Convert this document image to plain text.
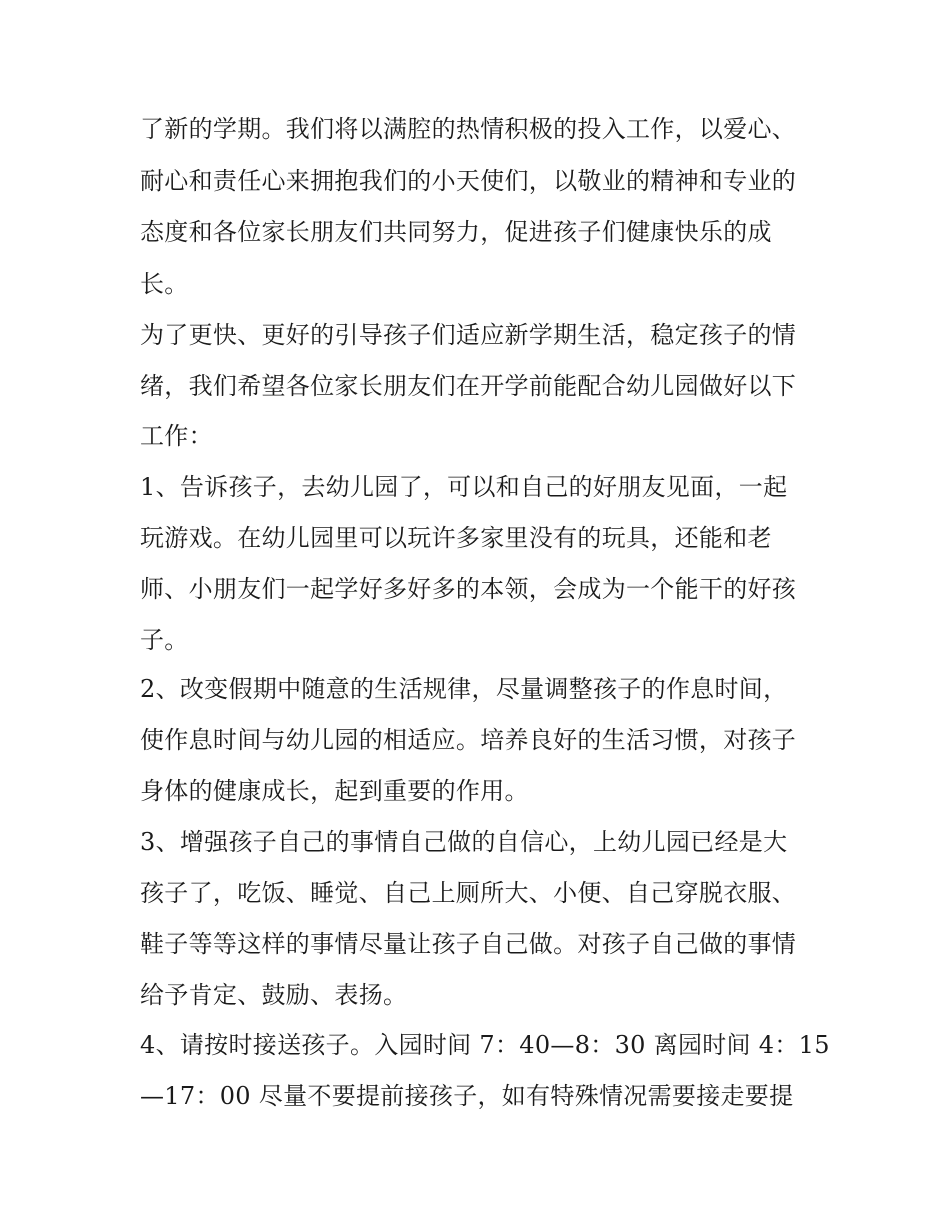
了新的学期。我们将以满腔的热情积极的投入工作，以爱心、
耐心和责任心来拥抱我们的小天使们，以敬业的精神和专业的
态度和各位家长朋友们共同努力，促进孩子们健康快乐的成
长。
为了更快、更好的引导孩子们适应新学期生活，稳定孩子的情
绪，我们希望各位家长朋友们在开学前能配合幼儿园做好以下
工作：
1、告诉孩子，去幼儿园了，可以和自己的好朋友见面，一起
玩游戏。在幼儿园里可以玩许多家里没有的玩具，还能和老
师、小朋友们一起学好多好多的本领，会成为一个能干的好孩
子。
2、改变假期中随意的生活规律，尽量调整孩子的作息时间，
使作息时间与幼儿园的相适应。培养良好的生活习惯，对孩子
身体的健康成长，起到重要的作用。
3、增强孩子自己的事情自己做的自信心，上幼儿园已经是大
孩子了，吃饭、睡觉、自己上厕所大、小便、自己穿脱衣服、
鞋子等等这样的事情尽量让孩子自己做。对孩子自己做的事情
给予肯定、鼓励、表扬。
4、请按时接送孩子。入园时间 7：40—8：30 离园时间 4：15
—17：00 尽量不要提前接孩子，如有特殊情况需要接走要提
